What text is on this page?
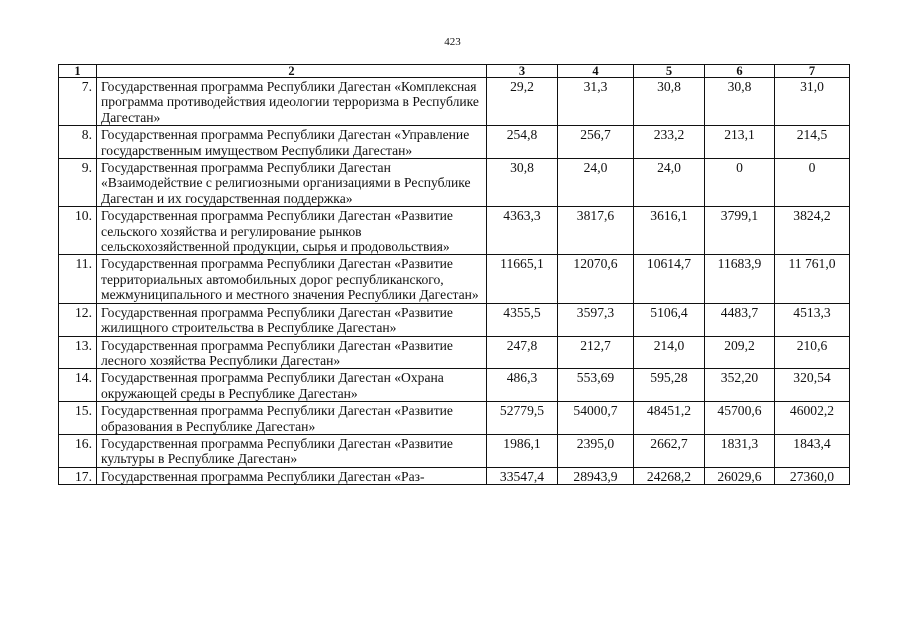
423
1	2	3	4	5	6	7
7.	Государственная программа Республики Дагестан «Комплексная программа противодействия идеологии терроризма в Республике Дагестан»	29,2	31,3	30,8	30,8	31,0
8.	Государственная программа Республики Дагестан «Управление государственным имуществом Республики Дагестан»	254,8	256,7	233,2	213,1	214,5
9.	Государственная программа Республики Дагестан «Взаимодействие с религиозными организациями в Республике Дагестан и их государственная поддержка»	30,8	24,0	24,0	0	0
10.	Государственная программа Республики Дагестан «Развитие сельского хозяйства и регулирование рынков сельскохозяйственной продукции, сырья и продовольствия»	4363,3	3817,6	3616,1	3799,1	3824,2
11.	Государственная программа Республики Дагестан «Развитие территориальных автомобильных дорог республиканского, межмуниципального и местного значения Республики Дагестан»	11665,1	12070,6	10614,7	11683,9	11 761,0
12.	Государственная программа Республики Дагестан «Развитие жилищного строительства в Республике Дагестан»	4355,5	3597,3	5106,4	4483,7	4513,3
13.	Государственная программа Республики Дагестан «Развитие лесного хозяйства Республики Дагестан»	247,8	212,7	214,0	209,2	210,6
14.	Государственная программа Республики Дагестан «Охрана окружающей среды в Республике Дагестан»	486,3	553,69	595,28	352,20	320,54
15.	Государственная программа Республики Дагестан «Развитие образования в Республике Дагестан»	52779,5	54000,7	48451,2	45700,6	46002,2
16.	Государственная программа Республики Дагестан «Развитие культуры в Республике Дагестан»	1986,1	2395,0	2662,7	1831,3	1843,4
17.	Государственная программа Республики Дагестан «Раз-	33547,4	28943,9	24268,2	26029,6	27360,0
